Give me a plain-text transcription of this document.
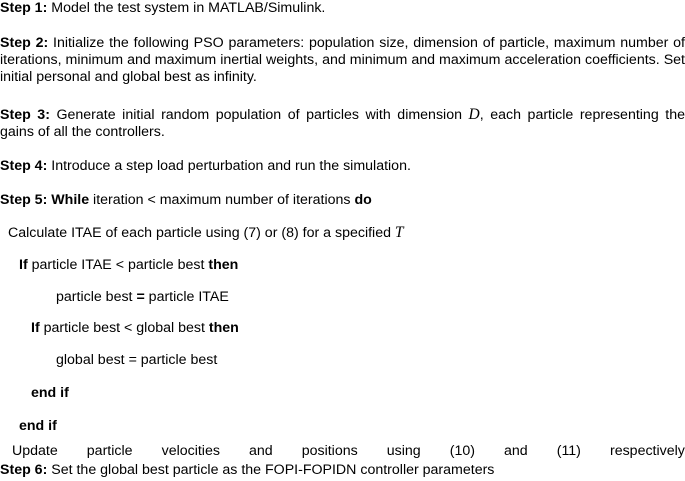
Step 1: Model the test system in MATLAB/Simulink.
Step 2: Initialize the following PSO parameters: population size, dimension of particle, maximum number of iterations, minimum and maximum inertial weights, and minimum and maximum acceleration coefficients. Set initial personal and global best as infinity.
Step 3: Generate initial random population of particles with dimension D, each particle representing the gains of all the controllers.
Step 4: Introduce a step load perturbation and run the simulation.
Step 5: While iteration < maximum number of iterations do
Calculate ITAE of each particle using (7) or (8) for a specified T
If particle ITAE < particle best then
particle best = particle ITAE
If particle best < global best then
global best = particle best
end if
end if
Update particle velocities and positions using (10) and (11) respectively
Step 6: Set the global best particle as the FOPI-FOPIDN controller parameters
